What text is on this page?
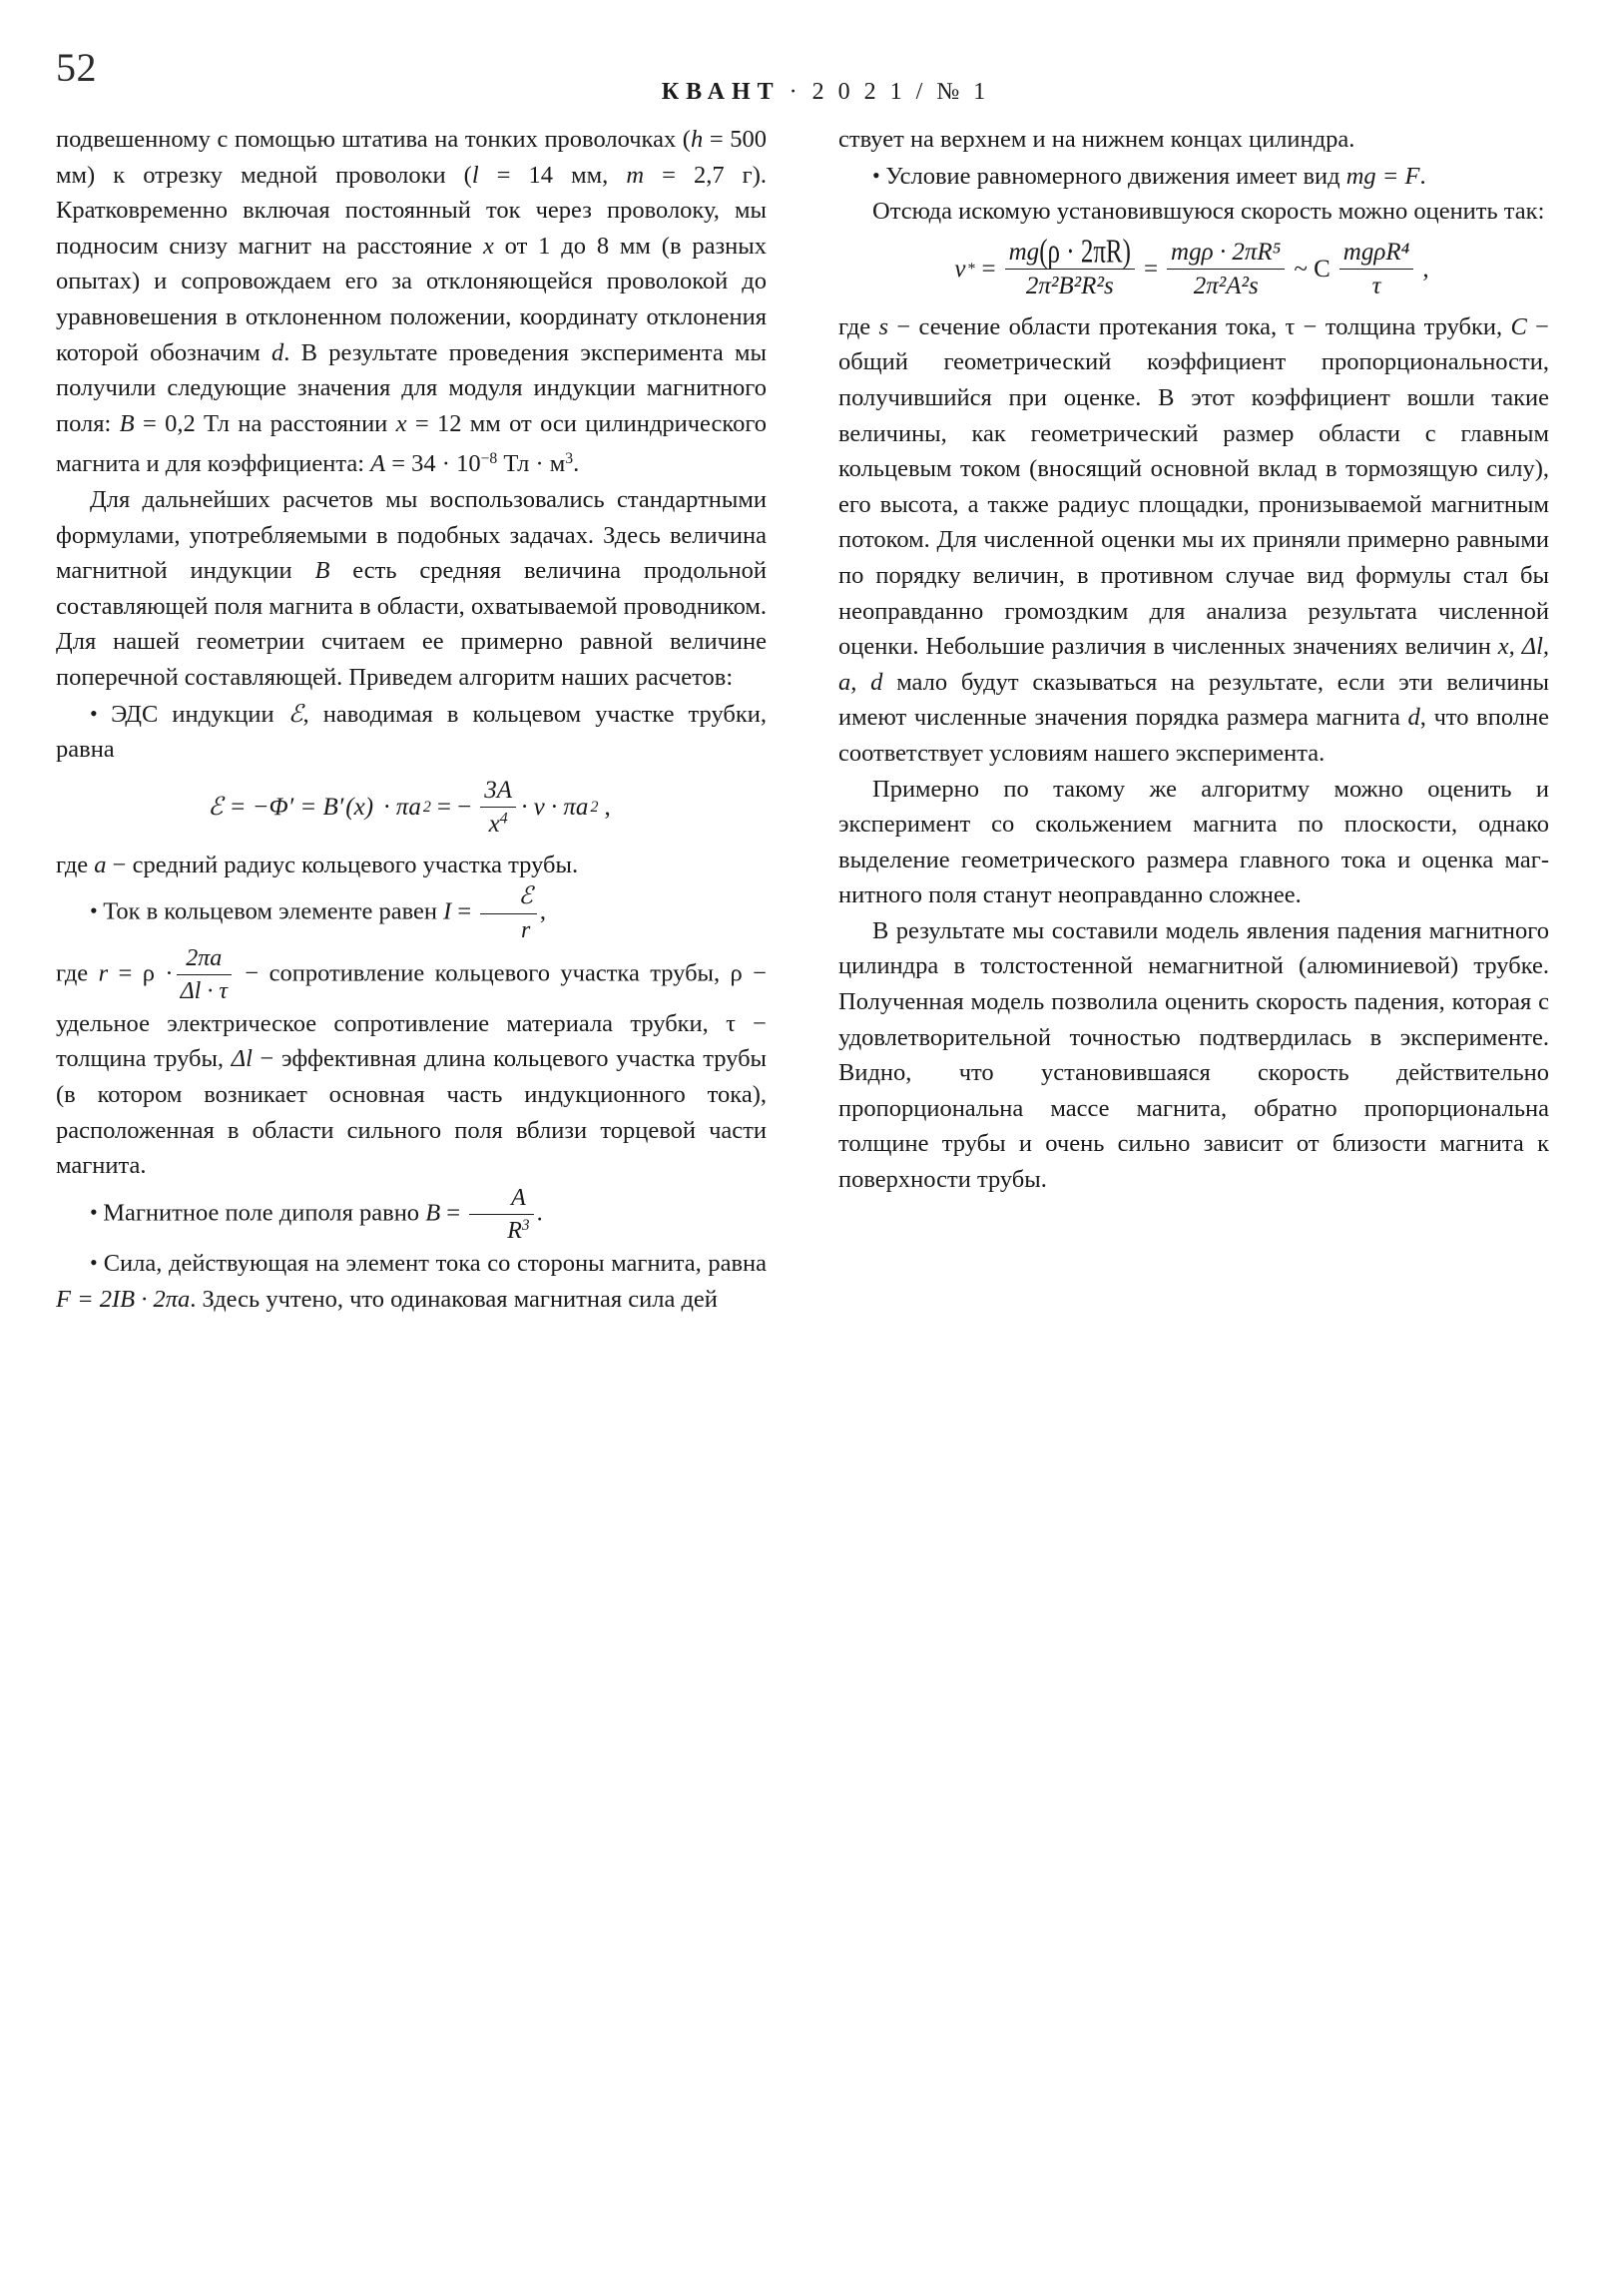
52

КВАНТ · 2 0 2 1 / № 1

подвешенному с помощью штатива на тонких проволочках (h = 500 мм) к отрезку медной проволоки (l = 14 мм, m = 2,7 г). Кратковременно включая постоянный ток через проволоку, мы подносим снизу магнит на расстояние x от 1 до 8 мм (в разных опытах) и сопровождаем его за отклоняющейся проволокой до уравновешения в отклоненном положении, координату отклонения которой обозначим d. В результате проведения эксперимента мы получили следующие значения для модуля индукции магнитного поля: B = 0,2 Тл на расстоянии x = 12 мм от оси цилиндрического магнита и для коэффициента: $A = 34 \cdot 10^{-8}$ Тл · $м^3$.

Для дальнейших расчетов мы воспользовались стандартными формулами, употребляемыми в подобных задачах. Здесь величина магнитной индукции B есть средняя величина продольной составляющей поля магнита в области, охватываемой проводником. Для нашей геометрии считаем ее примерно равной величине поперечной составляющей. Приведем алгоритм наших расчетов:

• ЭДС индукции ℰ, наводимая в кольцевом участке трубки, равна

ℰ = −Φ′ = B′ (x)
· πa 2 = − $\frac{3A}{x^4} \cdot v \cdot \pi a$ 2 ,

где a − средний радиус кольцевого участка трубы.

• Ток в кольцевом элементе равен $I = \frac{\text{ℰ}}{r}$ ,

где $r = \rho \cdot \frac{2\pi a}{\Delta l \cdot \tau}$ − сопротивление кольцевого участка трубы, ρ − удельное электрическое сопротивление материала трубки, τ − толщина трубы, Δl − эффективная длина кольцевого участка трубы (в котором возникает основная часть индукционного тока), расположенная в области сильного поля вблизи торцевой части магнита.

• Магнитное поле диполя равно $B = \frac{A}{R^3}$ .

• Сила, действующая на элемент тока со стороны магнита, равна F = 2IB · 2πa. Здесь учтено, что одинаковая магнитная сила дей

ствует на верхнем и на нижнем концах цилиндра.

• Условие равномерного движения имеет вид mg = F.

Отсюда искомую установившуюся скорость можно оценить так:

v * = $\frac{mg(\rho \cdot 2\pi R)}{\text{2π²B²R²s}} = \frac{\text{mgρ · 2πR⁵}}{\text{2π²A²s}}$ ~ C $\frac{\text{mgρR⁴}}{\tau}$ ,

где s − сечение области протекания тока, τ − толщина трубки, C − общий геометрический коэффициент пропорциональности, получившийся при оценке. В этот коэффициент вошли такие величины, как геометрический размер области с главным кольцевым током (вносящий основной вклад в тормозящую силу), его высота, а также радиус площадки, пронизываемой магнитным потоком. Для численной оценки мы их приняли примерно равными по порядку величин, в противном случае вид формулы стал бы неоправданно громоздким для анализа результата численной оценки. Небольшие различия в численных значениях величин x, Δl, a, d мало будут сказываться на результате, если эти величины имеют численные значения порядка размера магнита d, что вполне соответствует условиям нашего эксперимента.

Примерно по такому же алгоритму можно оценить и эксперимент со скольжением магнита по плоскости, однако выделение геометрического размера главного тока и оценка магнитного поля станут неоправданно сложнее.

В результате мы составили модель явления падения магнитного цилиндра в толстостенной немагнитной (алюминиевой) трубке. Полученная модель позволила оценить скорость падения, которая с удовлетворительной точностью подтвердилась в эксперименте. Видно, что установившаяся скорость действительно пропорциональна массе магнита, обратно пропорциональна толщине трубы и очень сильно зависит от близости магнита к поверхности трубы.
